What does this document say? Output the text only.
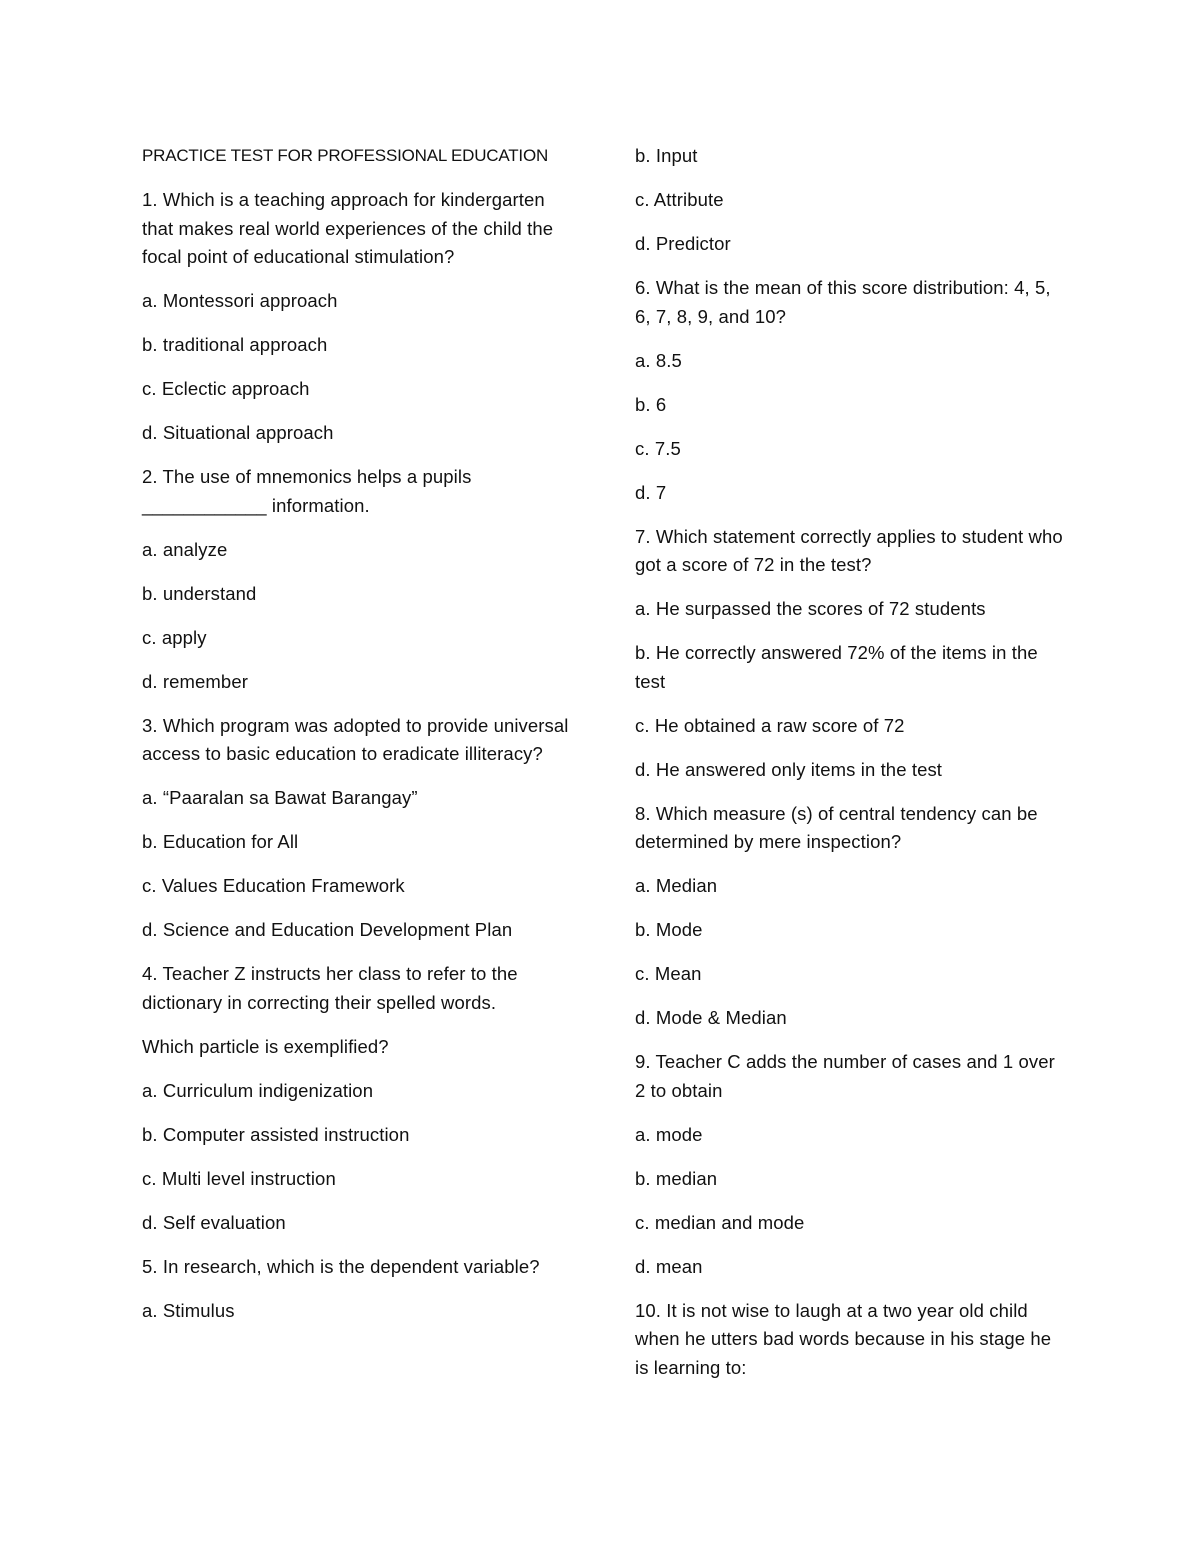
PRACTICE TEST FOR PROFESSIONAL EDUCATION

1. Which is a teaching approach for kindergarten that makes real world experiences of the child the focal point of educational stimulation?

a. Montessori approach

b. traditional approach

c. Eclectic approach

d. Situational approach

2. The use of mnemonics helps a pupils ____________ information.

a. analyze

b. understand

c. apply

d. remember

3. Which program was adopted to provide universal access to basic education to eradicate illiteracy?

a. “Paaralan sa Bawat Barangay”

b. Education for All

c. Values Education Framework

d. Science and Education Development Plan

4. Teacher Z instructs her class to refer to the dictionary in correcting their spelled words.

Which particle is exemplified?

a. Curriculum indigenization

b. Computer assisted instruction

c. Multi level instruction

d. Self evaluation

5. In research, which is the dependent variable?

a. Stimulus

b. Input

c. Attribute

d. Predictor

6. What is the mean of this score distribution: 4, 5, 6, 7, 8, 9, and 10?

a. 8.5

b. 6

c. 7.5

d. 7

7. Which statement correctly applies to student who got a score of 72 in the test?

a. He surpassed the scores of 72 students

b. He correctly answered 72% of the items in the test

c. He obtained a raw score of 72

d. He answered only items in the test

8. Which measure (s) of central tendency can be determined by mere inspection?

a. Median

b. Mode

c. Mean

d. Mode & Median

9. Teacher C adds the number of cases and 1 over 2 to obtain

a. mode

b. median

c. median and mode

d. mean

10. It is not wise to laugh at a two year old child when he utters bad words because in his stage he is learning to:
